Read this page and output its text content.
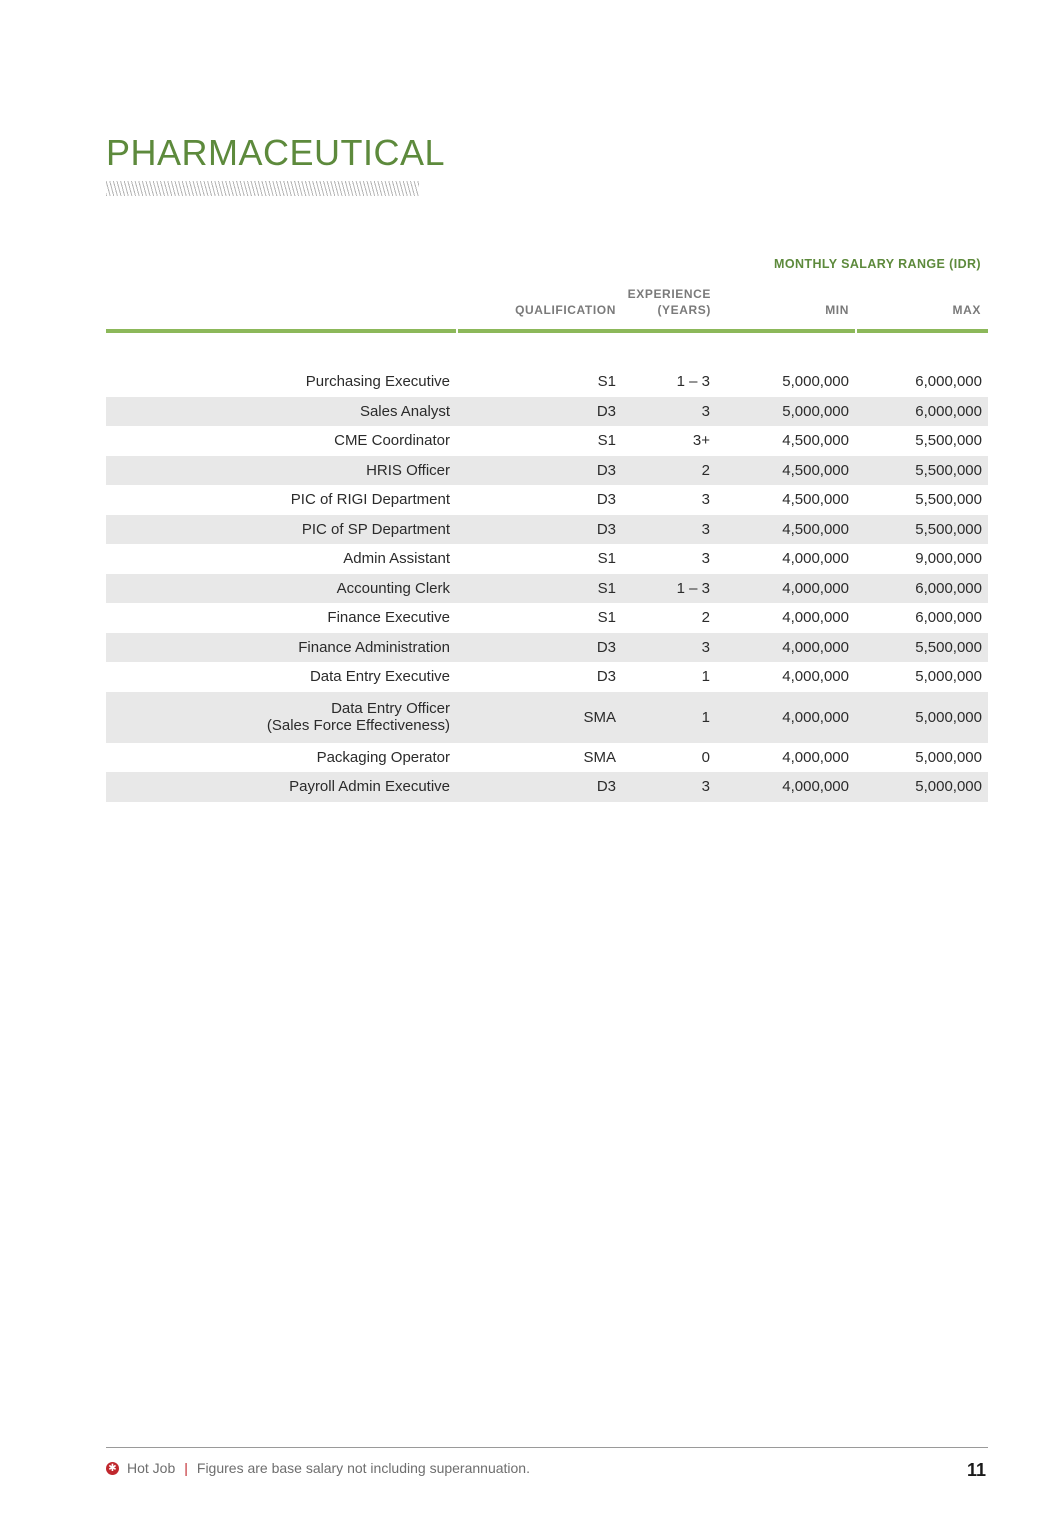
PHARMACEUTICAL
MONTHLY SALARY RANGE (IDR)
QUALIFICATION
EXPERIENCE
(YEARS)	MIN	MAX
Purchasing Executive	S1	1 – 3	5,000,000	6,000,000
Sales Analyst	D3	3	5,000,000	6,000,000
CME Coordinator	S1	3+	4,500,000	5,500,000
HRIS Officer	D3	2	4,500,000	5,500,000
PIC of RIGI Department	D3	3	4,500,000	5,500,000
PIC of SP Department	D3	3	4,500,000	5,500,000
Admin Assistant	S1	3	4,000,000	9,000,000
Accounting Clerk	S1	1 – 3	4,000,000	6,000,000
Finance Executive	S1	2	4,000,000	6,000,000
Finance Administration	D3	3	4,000,000	5,500,000
Data Entry Executive	D3	1	4,000,000	5,000,000
Data Entry Officer
(Sales Force Effectiveness)	SMA	1	4,000,000	5,000,000
Packaging Operator	SMA	0	4,000,000	5,000,000
Payroll Admin Executive	D3	3	4,000,000	5,000,000
✱ Hot Job | Figures are base salary not including superannuation.	11
